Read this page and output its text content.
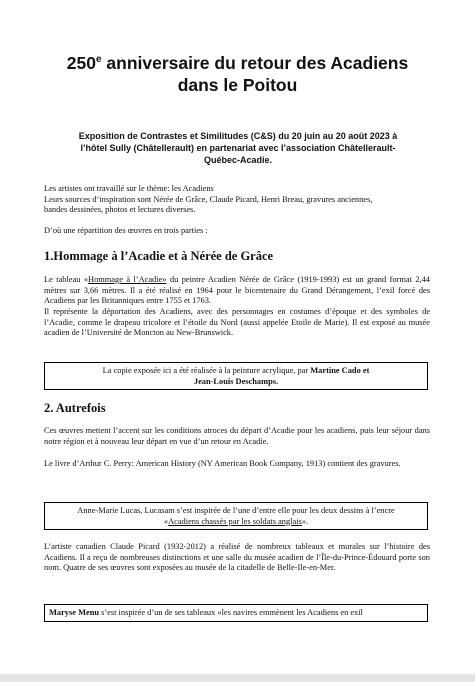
250e anniversaire du retour des Acadiens
dans le Poitou
Exposition de Contrastes et Similitudes (C&S) du 20 juin au 20 août 2023 à
l’hôtel Sully (Châtellerault) en partenariat avec l’association Châtellerault-
Québec-Acadie.
Les artistes ont travaillé sur le thème: les Acadiens
Leurs sources d’inspiration sont Nérée de Grâce, Claude Picard, Henri Breau, gravures anciennes,
bandes dessinées, photos et lectures diverses.
D’où une répartition des œuvres en trois parties :
1.Hommage à l’Acadie et à Nérée de Grâce

Le tableau «Hommage à l’Acadie» du peintre Acadien Nérée de Grâce (1919-1993) est un grand format 2,44 mètres sur 3,66 mètres. Il a été réalisé en 1964 pour le bicentenaire du Grand Dérangement, l’exil forcé des Acadiens par les Britanniques entre 1755 et 1763.

Il représente la déportation des Acadiens, avec des personnages en costumes d’époque et des symboles de l’Acadie, comme le drapeau tricolore et l’étoile du Nord (aussi appelée Etoile de Marie). Il est exposé au musée acadien de l’Université de Moncton au New-Brunswick.

La copie exposée ici a été réalisée à la peinture acrylique, par Martine Cado et
Jean-Louis Deschamps.
2. Autrefois

Ces œuvres mettent l’accent sur les conditions atroces du départ d’Acadie pour les acadiens, puis leur séjour dans notre région et à nouveau leur départ en vue d’un retour en Acadie.

Le livre d’Arthur C. Perry: American History (NY American Book Company, 1913) contient des gravures.

Anne-Marie Lucas, Lucasam s’est inspirée de l’une d’entre elle pour les deux dessins à l’encre
«Acadiens chassés par les soldats anglais».

L’artiste canadien Claude Picard (1932-2012) a réalisé de nombreux tableaux et murales sur l’histoire des Acadiens. Il a reçu de nombreuses distinctions et une salle du musée acadien de l’Île-du-Prince-Édouard porte son nom. Quatre de ses œuvres sont exposées au musée de la citadelle de Belle-Ile-en-Mer.

Maryse Menu s’est inspirée d’un de ses tableaux «les navires emmènent les Acadiens en exil
